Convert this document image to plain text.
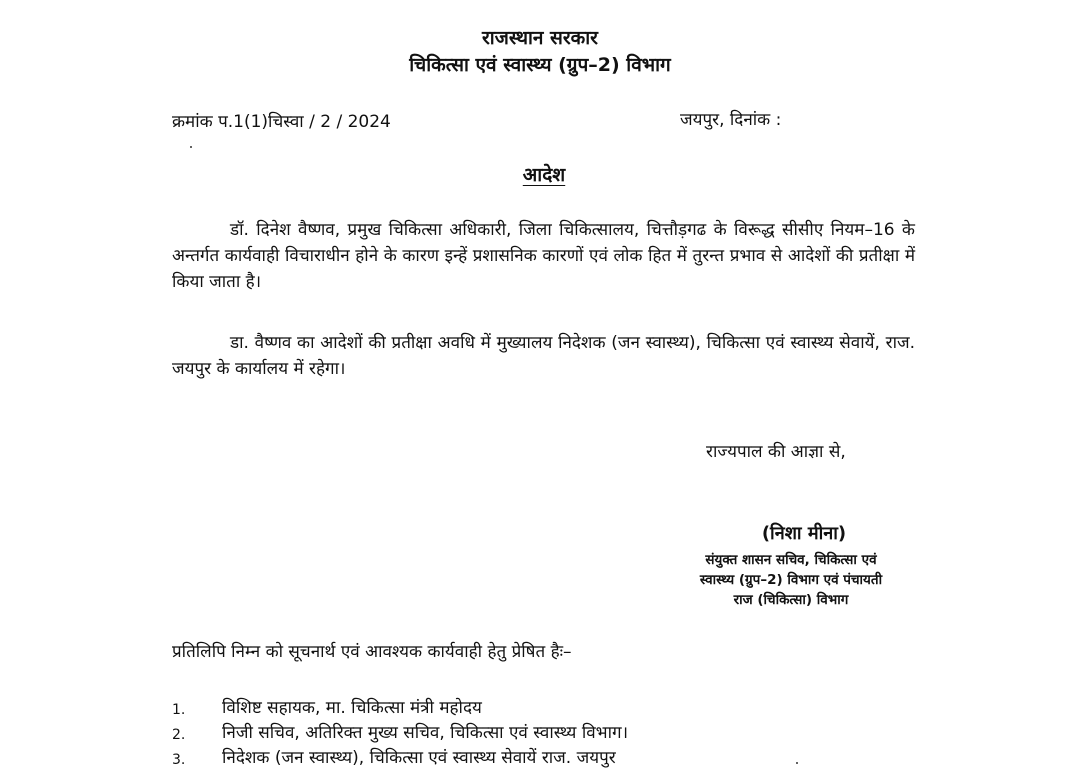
राजस्थान सरकार
चिकित्सा एवं स्वास्थ्य (ग्रुप–2) विभाग
क्रमांक प.1(1)चिस्वा / 2 / 2024	जयपुर, दिनांक :
आदेश

डॉ. दिनेश वैष्णव, प्रमुख चिकित्सा अधिकारी, जिला चिकित्सालय, चित्तौड़गढ के विरूद्ध सीसीए नियम–16 के अन्तर्गत कार्यवाही विचाराधीन होने के कारण इन्हें प्रशासनिक कारणों एवं लोक हित में तुरन्त प्रभाव से आदेशों की प्रतीक्षा में किया जाता है।

डा. वैष्णव का आदेशों की प्रतीक्षा अवधि में मुख्यालय निदेशक (जन स्वास्थ्य), चिकित्सा एवं स्वास्थ्य सेवायें, राज. जयपुर के कार्यालय में रहेगा।

राज्यपाल की आज्ञा से,
(निशा मीना)
संयुक्त शासन सचिव, चिकित्सा एवं
स्वास्थ्य (ग्रुप–2) विभाग एवं पंचायती
राज (चिकित्सा) विभाग
प्रतिलिपि निम्न को सूचनार्थ एवं आवश्यक कार्यवाही हेतु प्रेषित हैः–
1.	विशिष्ट सहायक, मा. चिकित्सा मंत्री महोदय
2.	निजी सचिव, अतिरिक्त मुख्य सचिव, चिकित्सा एवं स्वास्थ्य विभाग।
3.	निदेशक (जन स्वास्थ्य), चिकित्सा एवं स्वास्थ्य सेवायें राज. जयपुर
